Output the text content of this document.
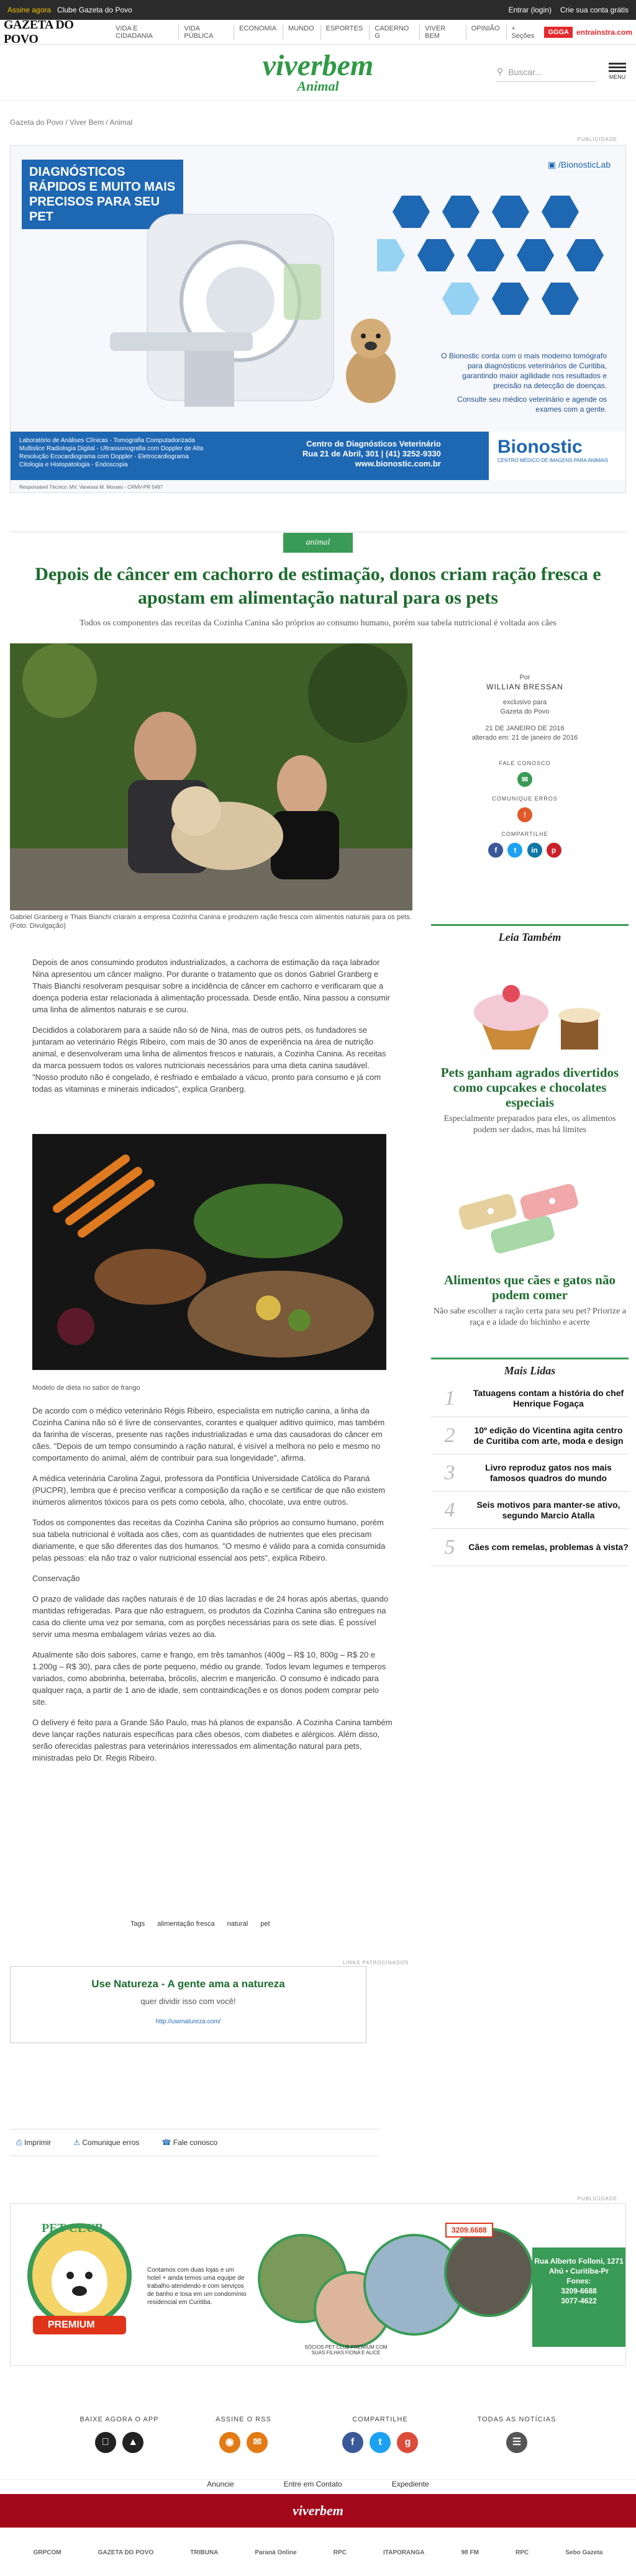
Assine agora Clube Gazeta do Povo	Entrar (login) Crie sua conta grátis
GAZETA DO POVO
VIDA E CIDADANIA
VIDA PÚBLICA
ECONOMIA	MUNDO	ESPORTES	CADERNO G
VIVER BEM
OPINIÃO	+ Seções	GGGA	entrainstra.com
viverbem
Animal
⚲ Buscar...
MENU
Gazeta do Povo / Viver Bem / Animal
PUBLICIDADE
DIAGNÓSTICOS RÁPIDOS E MUITO MAIS PRECISOS PARA SEU PET
▣ /BionosticLab
O Bionostic conta com o mais moderno tomógrafo para diagnósticos veterinários de Curitiba, garantindo maior agilidade nos resultados e precisão na detecção de doenças.
Consulte seu médico veterinário e agende os exames com a gente.
Laboratório de Análises Clínicas - Tomografia Computadorizada Multislice Radiologia Digital - Ultrassonografia com Doppler de Alta Resolução Ecocardiograma com Doppler - Eletrocardiograma Citologia e Histopatologia - Endoscopia
Centro de Diagnósticos Veterinário
Rua 21 de Abril, 301 | (41) 3252-9330
www.bionostic.com.br
Bionostic
CENTRO MÉDICO DE IMAGENS PARA ANIMAIS
Responsável Técnico: MV. Vanessa M. Moraes - CRMV-PR 5497
animal
Depois de câncer em cachorro de estimação, donos criam ração fresca e apostam em alimentação natural para os pets
Todos os componentes das receitas da Cozinha Canina são próprios ao consumo humano, porém sua tabela nutricional é voltada aos cães
Gabriel Granberg e Thais Bianchi criaram a empresa Cozinha Canina e produzem ração fresca com alimentos naturais para os pets. (Foto: Divulgação)
Por
WILLIAN BRESSAN
exclusivo para
Gazeta do Povo
21 DE JANEIRO DE 2016
alterado em: 21 de janeiro de 2016
FALE CONOSCO
✉
COMUNIQUE ERROS
!
COMPARTILHE
f t in p

Depois de anos consumindo produtos industrializados, a cachorra de estimação da raça labrador Nina apresentou um câncer maligno. Por durante o tratamento que os donos Gabriel Granberg e Thais Bianchi resolveram pesquisar sobre a incidência de câncer em cachorro e verificaram que a doença poderia estar relacionada à alimentação processada. Desde então, Nina passou a consumir uma linha de alimentos naturais e se curou.

Decididos a colaborarem para a saúde não só de Nina, mas de outros pets, os fundadores se juntaram ao veterinário Régis Ribeiro, com mais de 30 anos de experiência na área de nutrição animal, e desenvolveram uma linha de alimentos frescos e naturais, a Cozinha Canina. As receitas da marca possuem todos os valores nutricionais necessários para uma dieta canina saudável. "Nosso produto não é congelado, é resfriado e embalado a vácuo, pronto para consumo e já com todas as vitaminas e minerais indicados", explica Granberg.

Modelo de dieta no sabor de frango

De acordo com o médico veterinário Régis Ribeiro, especialista em nutrição canina, a linha da Cozinha Canina não só é livre de conservantes, corantes e qualquer aditivo químico, mas também da farinha de vísceras, presente nas rações industrializadas e uma das causadoras do câncer em cães. "Depois de um tempo consumindo a ração natural, é visível a melhora no pelo e mesmo no comportamento do animal, além de contribuir para sua longevidade", afirma.

A médica veterinária Carolina Zagui, professora da Pontifícia Universidade Católica do Paraná (PUCPR), lembra que é preciso verificar a composição da ração e se certificar de que não existem inúmeros alimentos tóxicos para os pets como cebola, alho, chocolate, uva entre outros.

Todos os componentes das receitas da Cozinha Canina são próprios ao consumo humano, porém sua tabela nutricional é voltada aos cães, com as quantidades de nutrientes que eles precisam diariamente, e que são diferentes das dos humanos. "O mesmo é válido para a comida consumida pelas pessoas: ela não traz o valor nutricional essencial aos pets", explica Ribeiro.

Conservação

O prazo de validade das rações naturais é de 10 dias lacradas e de 24 horas após abertas, quando mantidas refrigeradas. Para que não estraguem, os produtos da Cozinha Canina são entregues na casa do cliente uma vez por semana, com as porções necessárias para os sete dias. É possível servir uma mesma embalagem várias vezes ao dia.

Atualmente são dois sabores, carne e frango, em três tamanhos (400g – R$ 10, 800g – R$ 20 e 1.200g – R$ 30), para cães de porte pequeno, médio ou grande. Todos levam legumes e temperos variados, como abobrinha, beterraba, brócolis, alecrim e manjericão. O consumo é indicado para qualquer raça, a partir de 1 ano de idade, sem contraindicações e os donos podem comprar pelo site.

O delivery é feito para a Grande São Paulo, mas há planos de expansão. A Cozinha Canina também deve lançar rações naturais específicas para cães obesos, com diabetes e alérgicos. Além disso, serão oferecidas palestras para veterinários interessados em alimentação natural para pets, ministradas pelo Dr. Regis Ribeiro.

Leia Também
Pets ganham agrados divertidos como cupcakes e chocolates especiais
Especialmente preparados para eles, os alimentos podem ser dados, mas há limites
Alimentos que cães e gatos não podem comer
Não sabe escolher a ração certa para seu pet? Priorize a raça e a idade do bichinho e acerte
Mais Lidas
1	Tatuagens contam a história do chef Henrique Fogaça
2	10º edição do Vicentina agita centro de Curitiba com arte, moda e design
3	Livro reproduz gatos nos mais famosos quadros do mundo
4	Seis motivos para manter-se ativo, segundo Marcio Atalla
5	Cães com remelas, problemas à vista?
Tags alimentação fresca natural pet
LINKS PATROCINADOS
Use Natureza - A gente ama a natureza
quer dividir isso com você!
http://usenatureza.com/
⎙ Imprimir	⚠ Comunique erros	☎ Fale conosco
PUBLICIDADE
PET CLUB
PREMIUM
Contamos com duas lojas e um hotel + ainda temos uma equipe de trabalho atendendo e com serviços de banho e tosa em um condomínio residencial em Curitiba.
SÓCIOS PET CLUB PREMIUM COM SUAS FILHAS FIONA E ALICE
3209.6688
Rua Alberto Folloni, 1271 Ahú • Curitiba-Pr
Fones:
3209-6688
3077-4622
BAIXE AGORA O APP
▲
ASSINE O RSS
◉ ✉
COMPARTILHE
f t g
TODAS AS NOTÍCIAS
☰
Anuncie	Entre em Contato	Expediente
viverbem
GRPCOM	GAZETA DO POVO	TRIBUNA	Paraná Online	RPC	ITAPORANGA	98 FM	RPC	Sebo Gazeta
